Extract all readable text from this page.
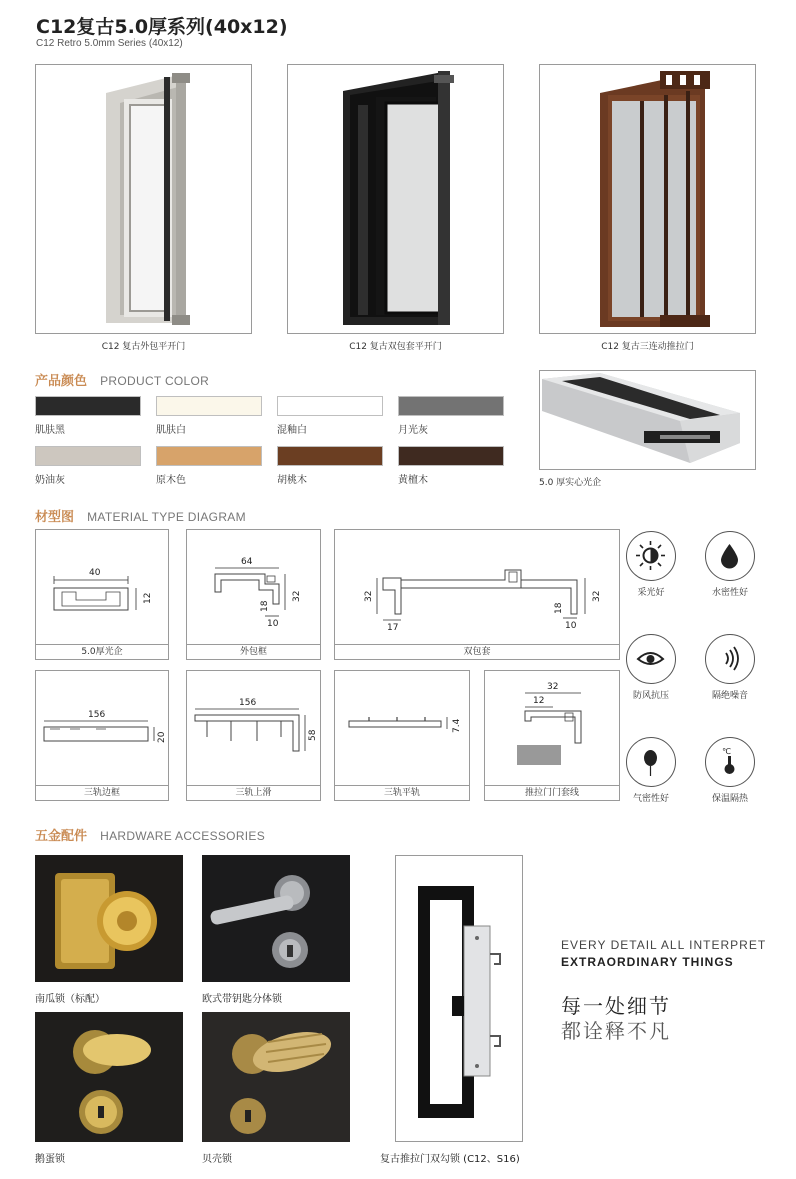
C12复古5.0厚系列(40x12)
C12 Retro 5.0mm Series (40x12)
C12 复古外包平开门	C12 复古双包套平开门	C12 复古三连动推拉门
产品颜色 PRODUCT COLOR
肌肤黑	肌肤白	混釉白	月光灰
奶油灰	原木色	胡桃木	黄檀木	5.0 厚实心光企
材型图 MATERIAL TYPE DIAGRAM
40
12
5.0厚光企
64
32
18
10
外包框
32
17
18
32
10
双包套
156
20
三轨边框
156
58
三轨上滑
7.4
三轨平轨
32
12
推拉门门套线
采光好	水密性好
防风抗压	隔绝噪音
气密性好
℃
保温隔热
五金配件 HARDWARE ACCESSORIES
南瓜锁（标配）	欧式带钥匙分体锁
鹅蛋锁	贝壳锁	复古推拉门双勾锁 (C12、S16)
EVERY DETAIL ALL INTERPRET
EXTRAORDINARY THINGS
每一处细节
都诠释不凡
